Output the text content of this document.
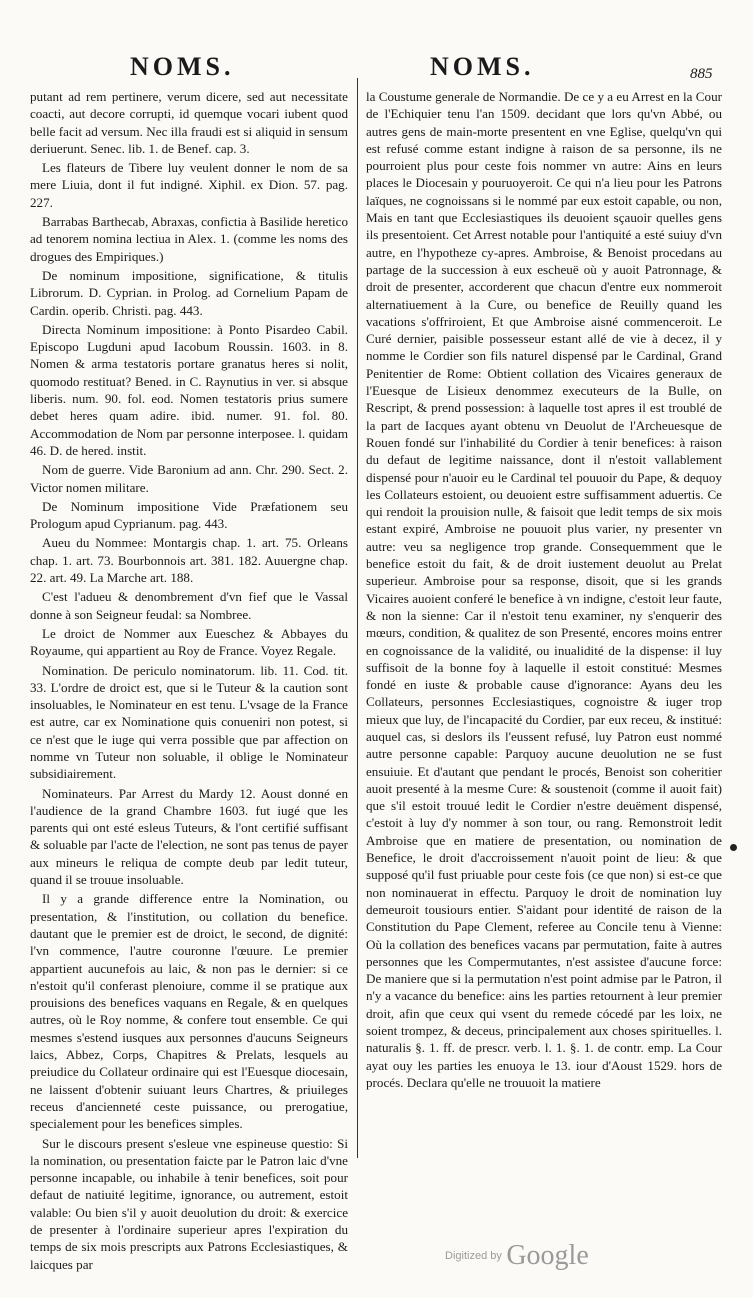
NOMS.	NOMS.	885

putant ad rem pertinere, verum dicere, sed aut necessitate coacti, aut decore corrupti, id quemque vocari iubent quod belle facit ad versum. Nec illa fraudi est si aliquid in sensum deriuerunt. Senec. lib. 1. de Benef. cap. 3.

Les flateurs de Tibere luy veulent donner le nom de sa mere Liuia, dont il fut indigné. Xiphil. ex Dion. 57. pag. 227.

Barrabas Barthecab, Abraxas, confictia à Basilide heretico ad tenorem nomina lectiua in Alex. 1. (comme les noms des drogues des Empiriques.)

De nominum impositione, significatione, & titulis Librorum. D. Cyprian. in Prolog. ad Cornelium Papam de Cardin. operib. Christi. pag. 443.

Directa Nominum impositione: à Ponto Pisardeo Cabil. Episcopo Lugduni apud Iacobum Roussin. 1603. in 8. Nomen & arma testatoris portare granatus heres si nolit, quomodo restituat? Bened. in C. Raynutius in ver. si absque liberis. num. 90. fol. eod. Nomen testatoris prius sumere debet heres quam adire. ibid. numer. 91. fol. 80. Accommodation de Nom par personne interposee. l. quidam 46. D. de hered. instit.

Nom de guerre. Vide Baronium ad ann. Chr. 290. Sect. 2. Victor nomen militare.

De Nominum impositione Vide Præfationem seu Prologum apud Cyprianum. pag. 443.

Aueu du Nommee: Montargis chap. 1. art. 75. Orleans chap. 1. art. 73. Bourbonnois art. 381. 182. Auuergne chap. 22. art. 49. La Marche art. 188.

C'est l'adueu & denombrement d'vn fief que le Vassal donne à son Seigneur feudal: sa Nombree.

Le droict de Nommer aux Eueschez & Abbayes du Royaume, qui appartient au Roy de France. Voyez Regale.

Nomination. De periculo nominatorum. lib. 11. Cod. tit. 33. L'ordre de droict est, que si le Tuteur & la caution sont insoluables, le Nominateur en est tenu. L'vsage de la France est autre, car ex Nominatione quis conueniri non potest, si ce n'est que le iuge qui verra possible que par affection on nomme vn Tuteur non soluable, il oblige le Nominateur subsidiairement.

Nominateurs. Par Arrest du Mardy 12. Aoust donné en l'audience de la grand Chambre 1603. fut iugé que les parents qui ont esté esleus Tuteurs, & l'ont certifié suffisant & soluable par l'acte de l'election, ne sont pas tenus de payer aux mineurs le reliqua de compte deub par ledit tuteur, quand il se trouue insoluable.

Il y a grande difference entre la Nomination, ou presentation, & l'institution, ou collation du benefice. dautant que le premier est de droict, le second, de dignité: l'vn commence, l'autre couronne l'œuure. Le premier appartient aucunefois au laic, & non pas le dernier: si ce n'estoit qu'il conferast plenoiure, comme il se pratique aux prouisions des benefices vaquans en Regale, & en quelques autres, où le Roy nomme, & confere tout ensemble. Ce qui mesmes s'estend iusques aux personnes d'aucuns Seigneurs laics, Abbez, Corps, Chapitres & Prelats, lesquels au preiudice du Collateur ordinaire qui est l'Euesque diocesain, ne laissent d'obtenir suiuant leurs Chartres, & priuileges receus d'ancienneté ceste puissance, ou prerogatiue, specialement pour les benefices simples.

Sur le discours present s'esleue vne espineuse questio: Si la nomination, ou presentation faicte par le Patron laic d'vne personne incapable, ou inhabile à tenir benefices, soit pour defaut de natiuité legitime, ignorance, ou autrement, estoit valable: Ou bien s'il y auoit deuolution du droit: & exercice de presenter à l'ordinaire superieur apres l'expiration du temps de six mois prescripts aux Patrons Ecclesiastiques, & laicques par

la Coustume generale de Normandie. De ce y a eu Arrest en la Cour de l'Echiquier tenu l'an 1509. decidant que lors qu'vn Abbé, ou autres gens de main-morte presentent en vne Eglise, quelqu'vn qui est refusé comme estant indigne à raison de sa personne, ils ne pourroient plus pour ceste fois nommer vn autre: Ains en leurs places le Diocesain y pouruoyeroit. Ce qui n'a lieu pour les Patrons laïques, ne cognoissans si le nommé par eux estoit capable, ou non, Mais en tant que Ecclesiastiques ils deuoient sçauoir quelles gens ils presentoient. Cet Arrest notable pour l'antiquité a esté suiuy d'vn autre, en l'hypotheze cy-apres. Ambroise, & Benoist procedans au partage de la succession à eux escheuë où y auoit Patronnage, & droit de presenter, accorderent que chacun d'entre eux nommeroit alternatiuement à la Cure, ou benefice de Reuilly quand les vacations s'offriroient, Et que Ambroise aisné commenceroit. Le Curé dernier, paisible possesseur estant allé de vie à decez, il y nomme le Cordier son fils naturel dispensé par le Cardinal, Grand Penitentier de Rome: Obtient collation des Vicaires generaux de l'Euesque de Lisieux denommez executeurs de la Bulle, on Rescript, & prend possession: à laquelle tost apres il est troublé de la part de Iacques ayant obtenu vn Deuolut de l'Archeuesque de Rouen fondé sur l'inhabilité du Cordier à tenir benefices: à raison du defaut de legitime naissance, dont il n'estoit vallablement dispensé pour n'auoir eu le Cardinal tel pouuoir du Pape, & dequoy les Collateurs estoient, ou deuoient estre suffisamment aduertis. Ce qui rendoit la prouision nulle, & faisoit que ledit temps de six mois estant expiré, Ambroise ne pouuoit plus varier, ny presenter vn autre: veu sa negligence trop grande. Consequemment que le benefice estoit du fait, & de droit iustement deuolut au Prelat superieur. Ambroise pour sa response, disoit, que si les grands Vicaires auoient conferé le benefice à vn indigne, c'estoit leur faute, & non la sienne: Car il n'estoit tenu examiner, ny s'enquerir des mœurs, condition, & qualitez de son Presenté, encores moins entrer en cognoissance de la validité, ou inualidité de la dispense: il luy suffisoit de la bonne foy à laquelle il estoit constitué: Mesmes fondé en iuste & probable cause d'ignorance: Ayans deu les Collateurs, personnes Ecclesiastiques, cognoistre & iuger trop mieux que luy, de l'incapacité du Cordier, par eux receu, & institué: auquel cas, si deslors ils l'eussent refusé, luy Patron eust nommé autre personne capable: Parquoy aucune deuolution ne se fust ensuiuie. Et d'autant que pendant le procés, Benoist son coheritier auoit presenté à la mesme Cure: & soustenoit (comme il auoit fait) que s'il estoit trouué ledit le Cordier n'estre deuëment dispensé, c'estoit à luy d'y nommer à son tour, ou rang. Remonstroit ledit Ambroise que en matiere de presentation, ou nomination de Benefice, le droit d'accroissement n'auoit point de lieu: & que supposé qu'il fust priuable pour ceste fois (ce que non) si est-ce que non nominauerat in effectu. Parquoy le droit de nomination luy demeuroit tousiours entier. S'aidant pour identité de raison de la Constitution du Pape Clement, referee au Concile tenu à Vienne: Où la collation des benefices vacans par permutation, faite à autres personnes que les Compermutantes, n'est assistee d'aucune force: De maniere que si la permutation n'est point admise par le Patron, il n'y a vacance du benefice: ains les parties retournent à leur premier droit, afin que ceux qui vsent du remede cócedé par les loix, ne soient trompez, & deceus, principalement aux choses spirituelles. l. naturalis §. 1. ff. de prescr. verb. l. 1. §. 1. de contr. emp. La Cour ayat ouy les parties les enuoya le 13. iour d'Aoust 1529. hors de procés. Declara qu'elle ne trouuoit la matiere

Digitized by Google
